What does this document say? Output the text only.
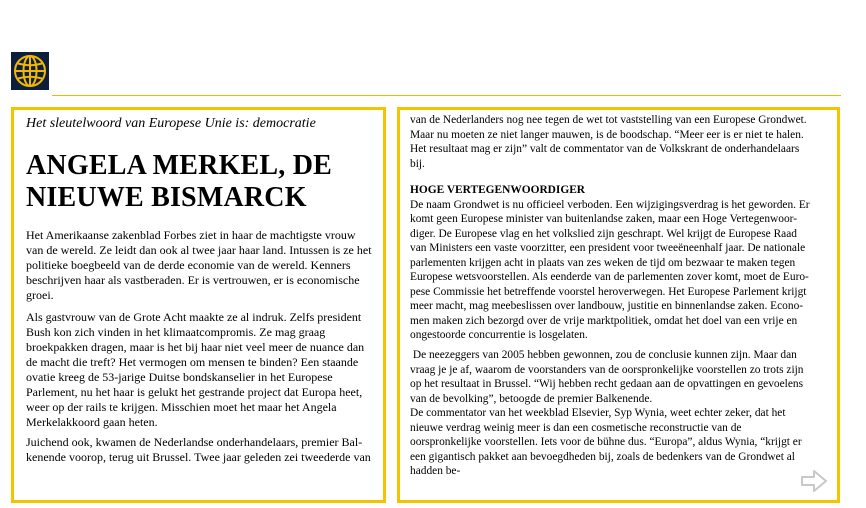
Het sleutelwoord van Europese Unie is: democratie
ANGELA MERKEL, DE
NIEUWE BISMARCK
Het Amerikaanse zakenblad Forbes ziet in haar de machtigste vrouw
van de wereld. Ze leidt dan ook al twee jaar haar land. Intussen is ze het
politieke boegbeeld van de derde economie van de wereld. Kenners
beschrijven haar als vastberaden. Er is vertrouwen, er is economische
groei.
Als gastvrouw van de Grote Acht maakte ze al indruk. Zelfs president
Bush kon zich vinden in het klimaatcompromis. Ze mag graag
broekpakken dragen, maar is het bij haar niet veel meer de nuance dan
de macht die treft? Het vermogen om mensen te binden? Een staande
ovatie kreeg de 53-jarige Duitse bondskanselier in het Europese
Parlement, nu het haar is gelukt het gestrande project dat Europa heet,
weer op der rails te krijgen. Misschien moet het maar het Angela
Merkelakkoord gaan heten.
Juichend ook, kwamen de Nederlandse onderhandelaars, premier Bal-
kenende voorop, terug uit Brussel. Twee jaar geleden zei tweederde van
van de Nederlanders nog nee tegen de wet tot vaststelling van een Europese Grondwet.
Maar nu moeten ze niet langer mauwen, is de boodschap. “Meer eer is er niet te halen.
Het resultaat mag er zijn” valt de commentator van de Volkskrant de onderhandelaars
bij.
HOGE VERTEGENWOORDIGER
De naam Grondwet is nu officieel verboden. Een wijzigingsverdrag is het geworden. Er
komt geen Europese minister van buitenlandse zaken, maar een Hoge Vertegenwoor-
diger. De Europese vlag en het volkslied zijn geschrapt. Wel krijgt de Europese Raad
van Ministers een vaste voorzitter, een president voor tweeëneenhalf jaar. De nationale
parlementen krijgen acht in plaats van zes weken de tijd om bezwaar te maken tegen
Europese wetsvoorstellen. Als eenderde van de parlementen zover komt, moet de Euro-
pese Commissie het betreffende voorstel heroverwegen. Het Europese Parlement krijgt
meer macht, mag meebeslissen over landbouw, justitie en binnenlandse zaken. Econo-
men maken zich bezorgd over de vrije marktpolitiek, omdat het doel van een vrije en
ongestoorde concurrentie is losgelaten.
De neezeggers van 2005 hebben gewonnen, zou de conclusie kunnen zijn. Maar dan
vraag je je af, waarom de voorstanders van de oorspronkelijke voorstellen zo trots zijn
op het resultaat in Brussel. “Wij hebben recht gedaan aan de opvattingen en gevoelens
van de bevolking”, betoogde de premier Balkenende.
De commentator van het weekblad Elsevier, Syp Wynia, weet echter zeker, dat het
nieuwe verdrag weinig meer is dan een cosmetische reconstructie van de
oorspronkelijke voorstellen. Iets voor de bühne dus. “Europa”, aldus Wynia, “krijgt er
een gigantisch pakket aan bevoegdheden bij, zoals de bedenkers van de Grondwet al
hadden be-
